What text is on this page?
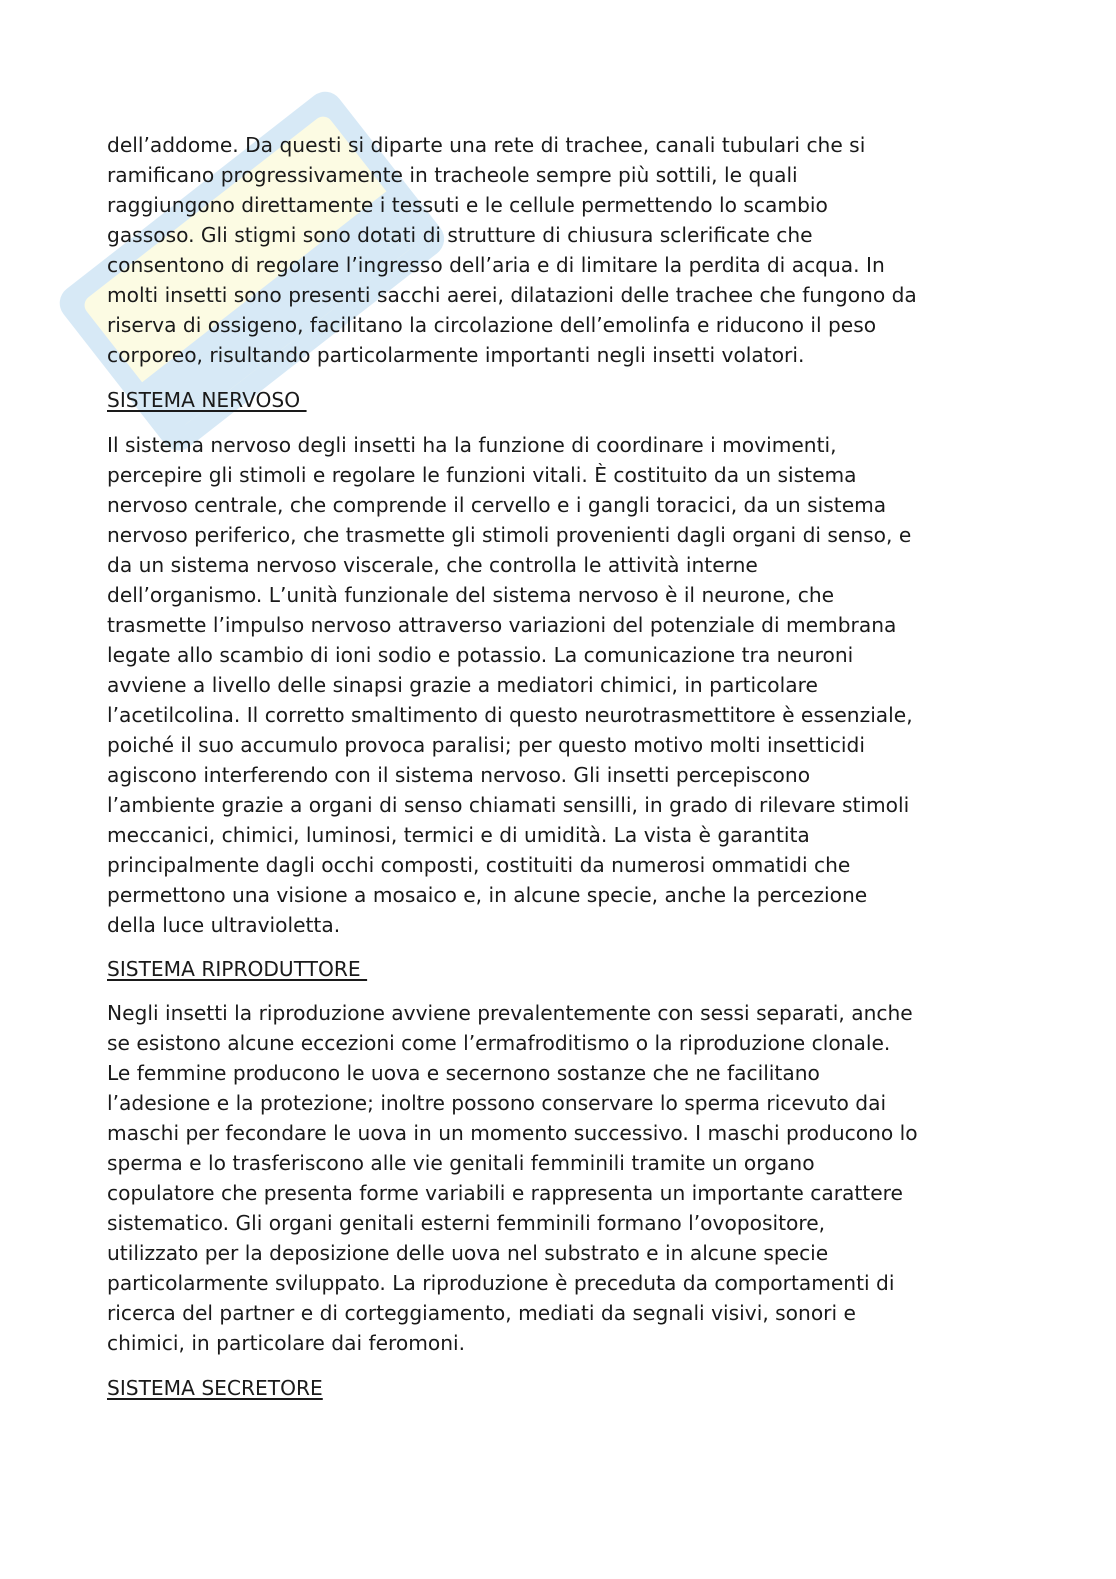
dell’addome. Da questi si diparte una rete di trachee, canali tubulari che si
ramificano progressivamente in tracheole sempre più sottili, le quali
raggiungono direttamente i tessuti e le cellule permettendo lo scambio
gassoso. Gli stigmi sono dotati di strutture di chiusura sclerificate che
consentono di regolare l’ingresso dell’aria e di limitare la perdita di acqua. In
molti insetti sono presenti sacchi aerei, dilatazioni delle trachee che fungono da
riserva di ossigeno, facilitano la circolazione dell’emolinfa e riducono il peso
corporeo, risultando particolarmente importanti negli insetti volatori.
SISTEMA NERVOSO
Il sistema nervoso degli insetti ha la funzione di coordinare i movimenti,
percepire gli stimoli e regolare le funzioni vitali. È costituito da un sistema
nervoso centrale, che comprende il cervello e i gangli toracici, da un sistema
nervoso periferico, che trasmette gli stimoli provenienti dagli organi di senso, e
da un sistema nervoso viscerale, che controlla le attività interne
dell’organismo. L’unità funzionale del sistema nervoso è il neurone, che
trasmette l’impulso nervoso attraverso variazioni del potenziale di membrana
legate allo scambio di ioni sodio e potassio. La comunicazione tra neuroni
avviene a livello delle sinapsi grazie a mediatori chimici, in particolare
l’acetilcolina. Il corretto smaltimento di questo neurotrasmettitore è essenziale,
poiché il suo accumulo provoca paralisi; per questo motivo molti insetticidi
agiscono interferendo con il sistema nervoso. Gli insetti percepiscono
l’ambiente grazie a organi di senso chiamati sensilli, in grado di rilevare stimoli
meccanici, chimici, luminosi, termici e di umidità. La vista è garantita
principalmente dagli occhi composti, costituiti da numerosi ommatidi che
permettono una visione a mosaico e, in alcune specie, anche la percezione
della luce ultravioletta.
SISTEMA RIPRODUTTORE
Negli insetti la riproduzione avviene prevalentemente con sessi separati, anche
se esistono alcune eccezioni come l’ermafroditismo o la riproduzione clonale.
Le femmine producono le uova e secernono sostanze che ne facilitano
l’adesione e la protezione; inoltre possono conservare lo sperma ricevuto dai
maschi per fecondare le uova in un momento successivo. I maschi producono lo
sperma e lo trasferiscono alle vie genitali femminili tramite un organo
copulatore che presenta forme variabili e rappresenta un importante carattere
sistematico. Gli organi genitali esterni femminili formano l’ovopositore,
utilizzato per la deposizione delle uova nel substrato e in alcune specie
particolarmente sviluppato. La riproduzione è preceduta da comportamenti di
ricerca del partner e di corteggiamento, mediati da segnali visivi, sonori e
chimici, in particolare dai feromoni.
SISTEMA SECRETORE
